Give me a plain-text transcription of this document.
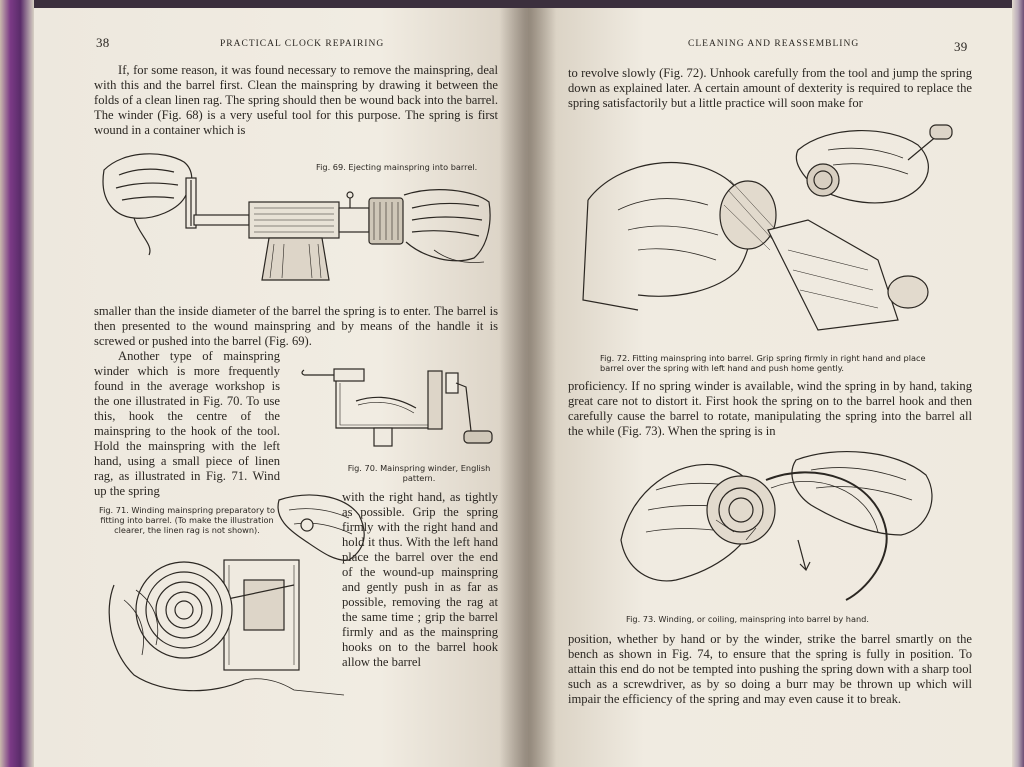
38	PRACTICAL CLOCK REPAIRING

If, for some reason, it was found necessary to remove the mainspring, deal with this and the barrel first. Clean the mainspring by drawing it between the folds of a clean linen rag. The spring should then be wound back into the barrel. The winder (Fig. 68) is a very useful tool for this purpose. The spring is first wound in a container which is

Fig. 69. Ejecting mainspring into barrel.

smaller than the inside diameter of the barrel the spring is to enter. The barrel is then presented to the wound mainspring and by means of the handle it is screwed or pushed into the barrel (Fig. 69).

Another type of mainspring winder which is more frequently found in the average workshop is the one illustrated in Fig. 70. To use this, hook the centre of the mainspring to the hook of the tool. Hold the mainspring with the left hand, using a small piece of linen rag, as illustrated in Fig. 71. Wind up the spring

Fig. 70. Mainspring winder, English pattern.
Fig. 71. Winding mainspring preparatory to fitting into barrel. (To make the illustration clearer, the linen rag is not shown).

with the right hand, as tightly as possible. Grip the spring firmly with the right hand and hold it thus. With the left hand place the barrel over the end of the wound-up mainspring and gently push in as far as possible, removing the rag at the same time ; grip the barrel firmly and as the mainspring hooks on to the barrel hook allow the barrel

CLEANING AND REASSEMBLING	39

to revolve slowly (Fig. 72). Unhook carefully from the tool and jump the spring down as explained later. A certain amount of dexterity is required to replace the spring satisfactorily but a little practice will soon make for

Fig. 72. Fitting mainspring into barrel. Grip spring firmly in right hand and place barrel over the spring with left hand and push home gently.

proficiency. If no spring winder is available, wind the spring in by hand, taking great care not to distort it. First hook the spring on to the barrel hook and then carefully cause the barrel to rotate, manipulating the spring into the barrel all the while (Fig. 73). When the spring is in

Fig. 73. Winding, or coiling, mainspring into barrel by hand.

position, whether by hand or by the winder, strike the barrel smartly on the bench as shown in Fig. 74, to ensure that the spring is fully in position. To attain this end do not be tempted into pushing the spring down with a sharp tool such as a screwdriver, as by so doing a burr may be thrown up which will impair the efficiency of the spring and may even cause it to break.
